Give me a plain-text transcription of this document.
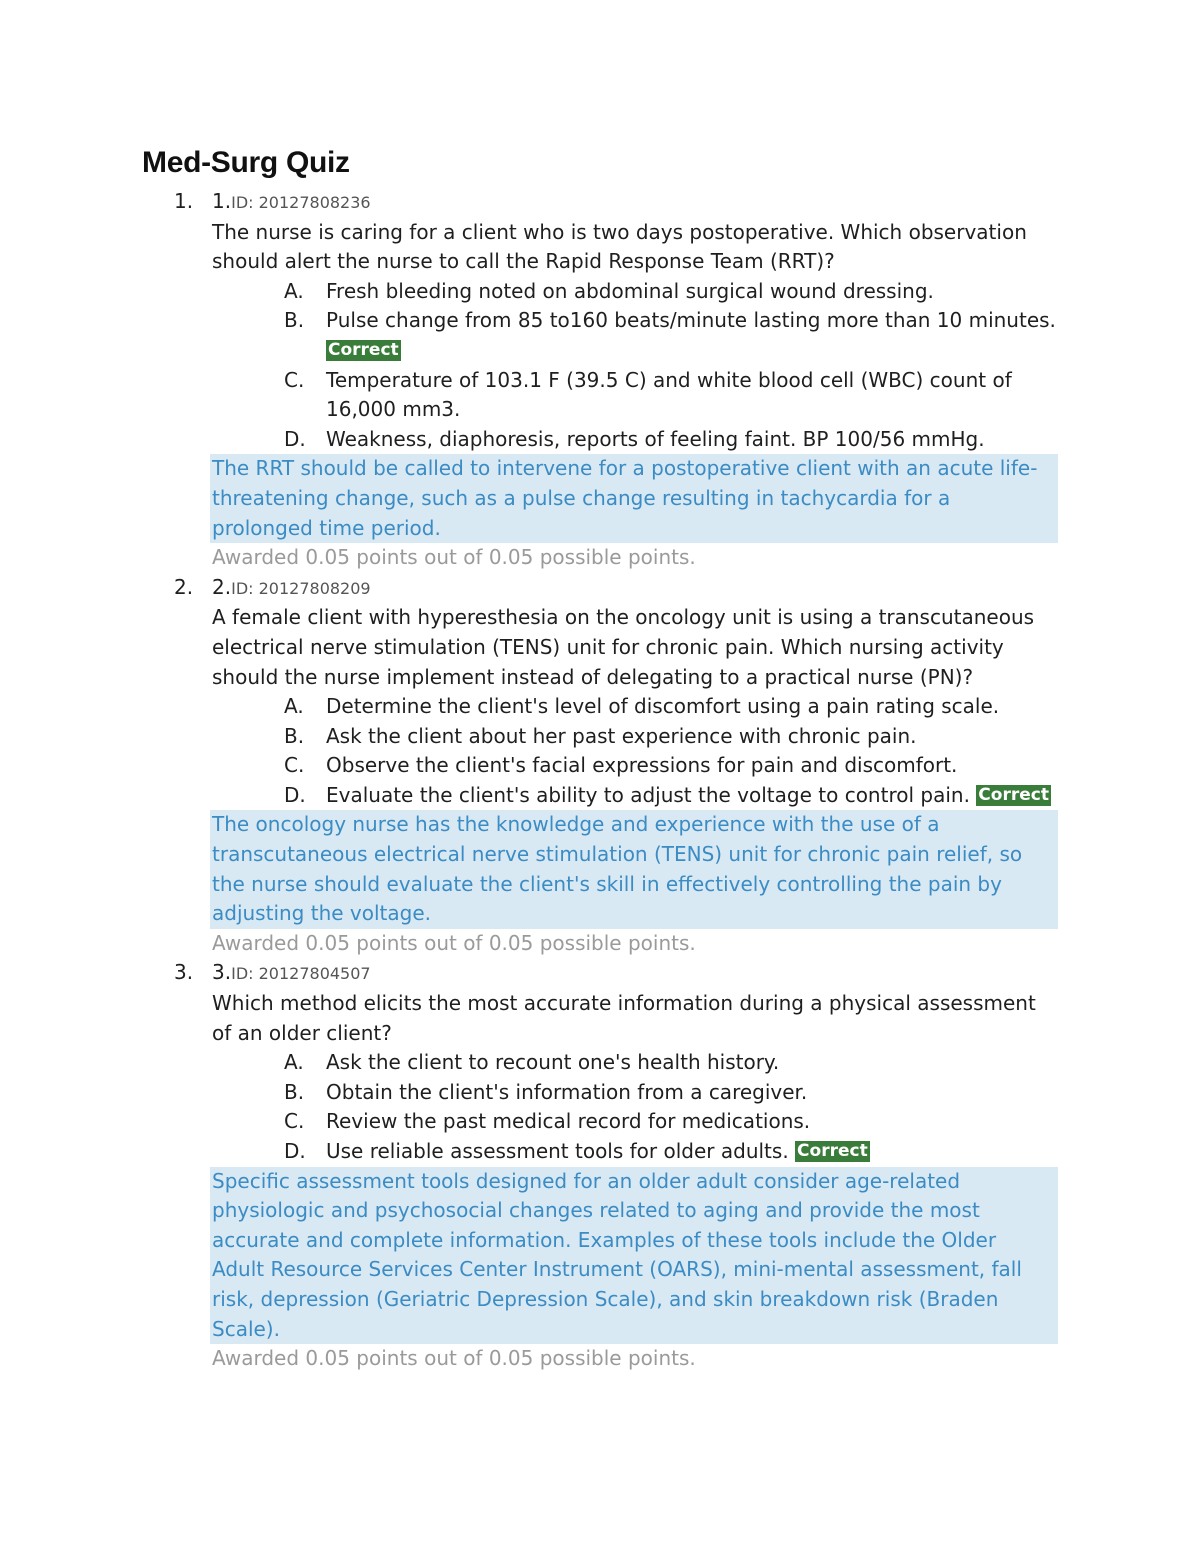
Med-Surg Quiz
1. 1.ID: 20127808236
The nurse is caring for a client who is two days postoperative. Which observation should alert the nurse to call the Rapid Response Team (RRT)?
A. Fresh bleeding noted on abdominal surgical wound dressing.
B. Pulse change from 85 to160 beats/minute lasting more than 10 minutes. Correct
C. Temperature of 103.1 F (39.5 C) and white blood cell (WBC) count of 16,000 mm3.
D. Weakness, diaphoresis, reports of feeling faint. BP 100/56 mmHg.
The RRT should be called to intervene for a postoperative client with an acute life-threatening change, such as a pulse change resulting in tachycardia for a prolonged time period.
Awarded 0.05 points out of 0.05 possible points.
2. 2.ID: 20127808209
A female client with hyperesthesia on the oncology unit is using a transcutaneous electrical nerve stimulation (TENS) unit for chronic pain. Which nursing activity should the nurse implement instead of delegating to a practical nurse (PN)?
A. Determine the client's level of discomfort using a pain rating scale.
B. Ask the client about her past experience with chronic pain.
C. Observe the client's facial expressions for pain and discomfort.
D. Evaluate the client's ability to adjust the voltage to control pain. Correct
The oncology nurse has the knowledge and experience with the use of a transcutaneous electrical nerve stimulation (TENS) unit for chronic pain relief, so the nurse should evaluate the client's skill in effectively controlling the pain by adjusting the voltage.
Awarded 0.05 points out of 0.05 possible points.
3. 3.ID: 20127804507
Which method elicits the most accurate information during a physical assessment of an older client?
A. Ask the client to recount one's health history.
B. Obtain the client's information from a caregiver.
C. Review the past medical record for medications.
D. Use reliable assessment tools for older adults. Correct
Specific assessment tools designed for an older adult consider age-related physiologic and psychosocial changes related to aging and provide the most accurate and complete information. Examples of these tools include the Older Adult Resource Services Center Instrument (OARS), mini-mental assessment, fall risk, depression (Geriatric Depression Scale), and skin breakdown risk (Braden Scale).
Awarded 0.05 points out of 0.05 possible points.
